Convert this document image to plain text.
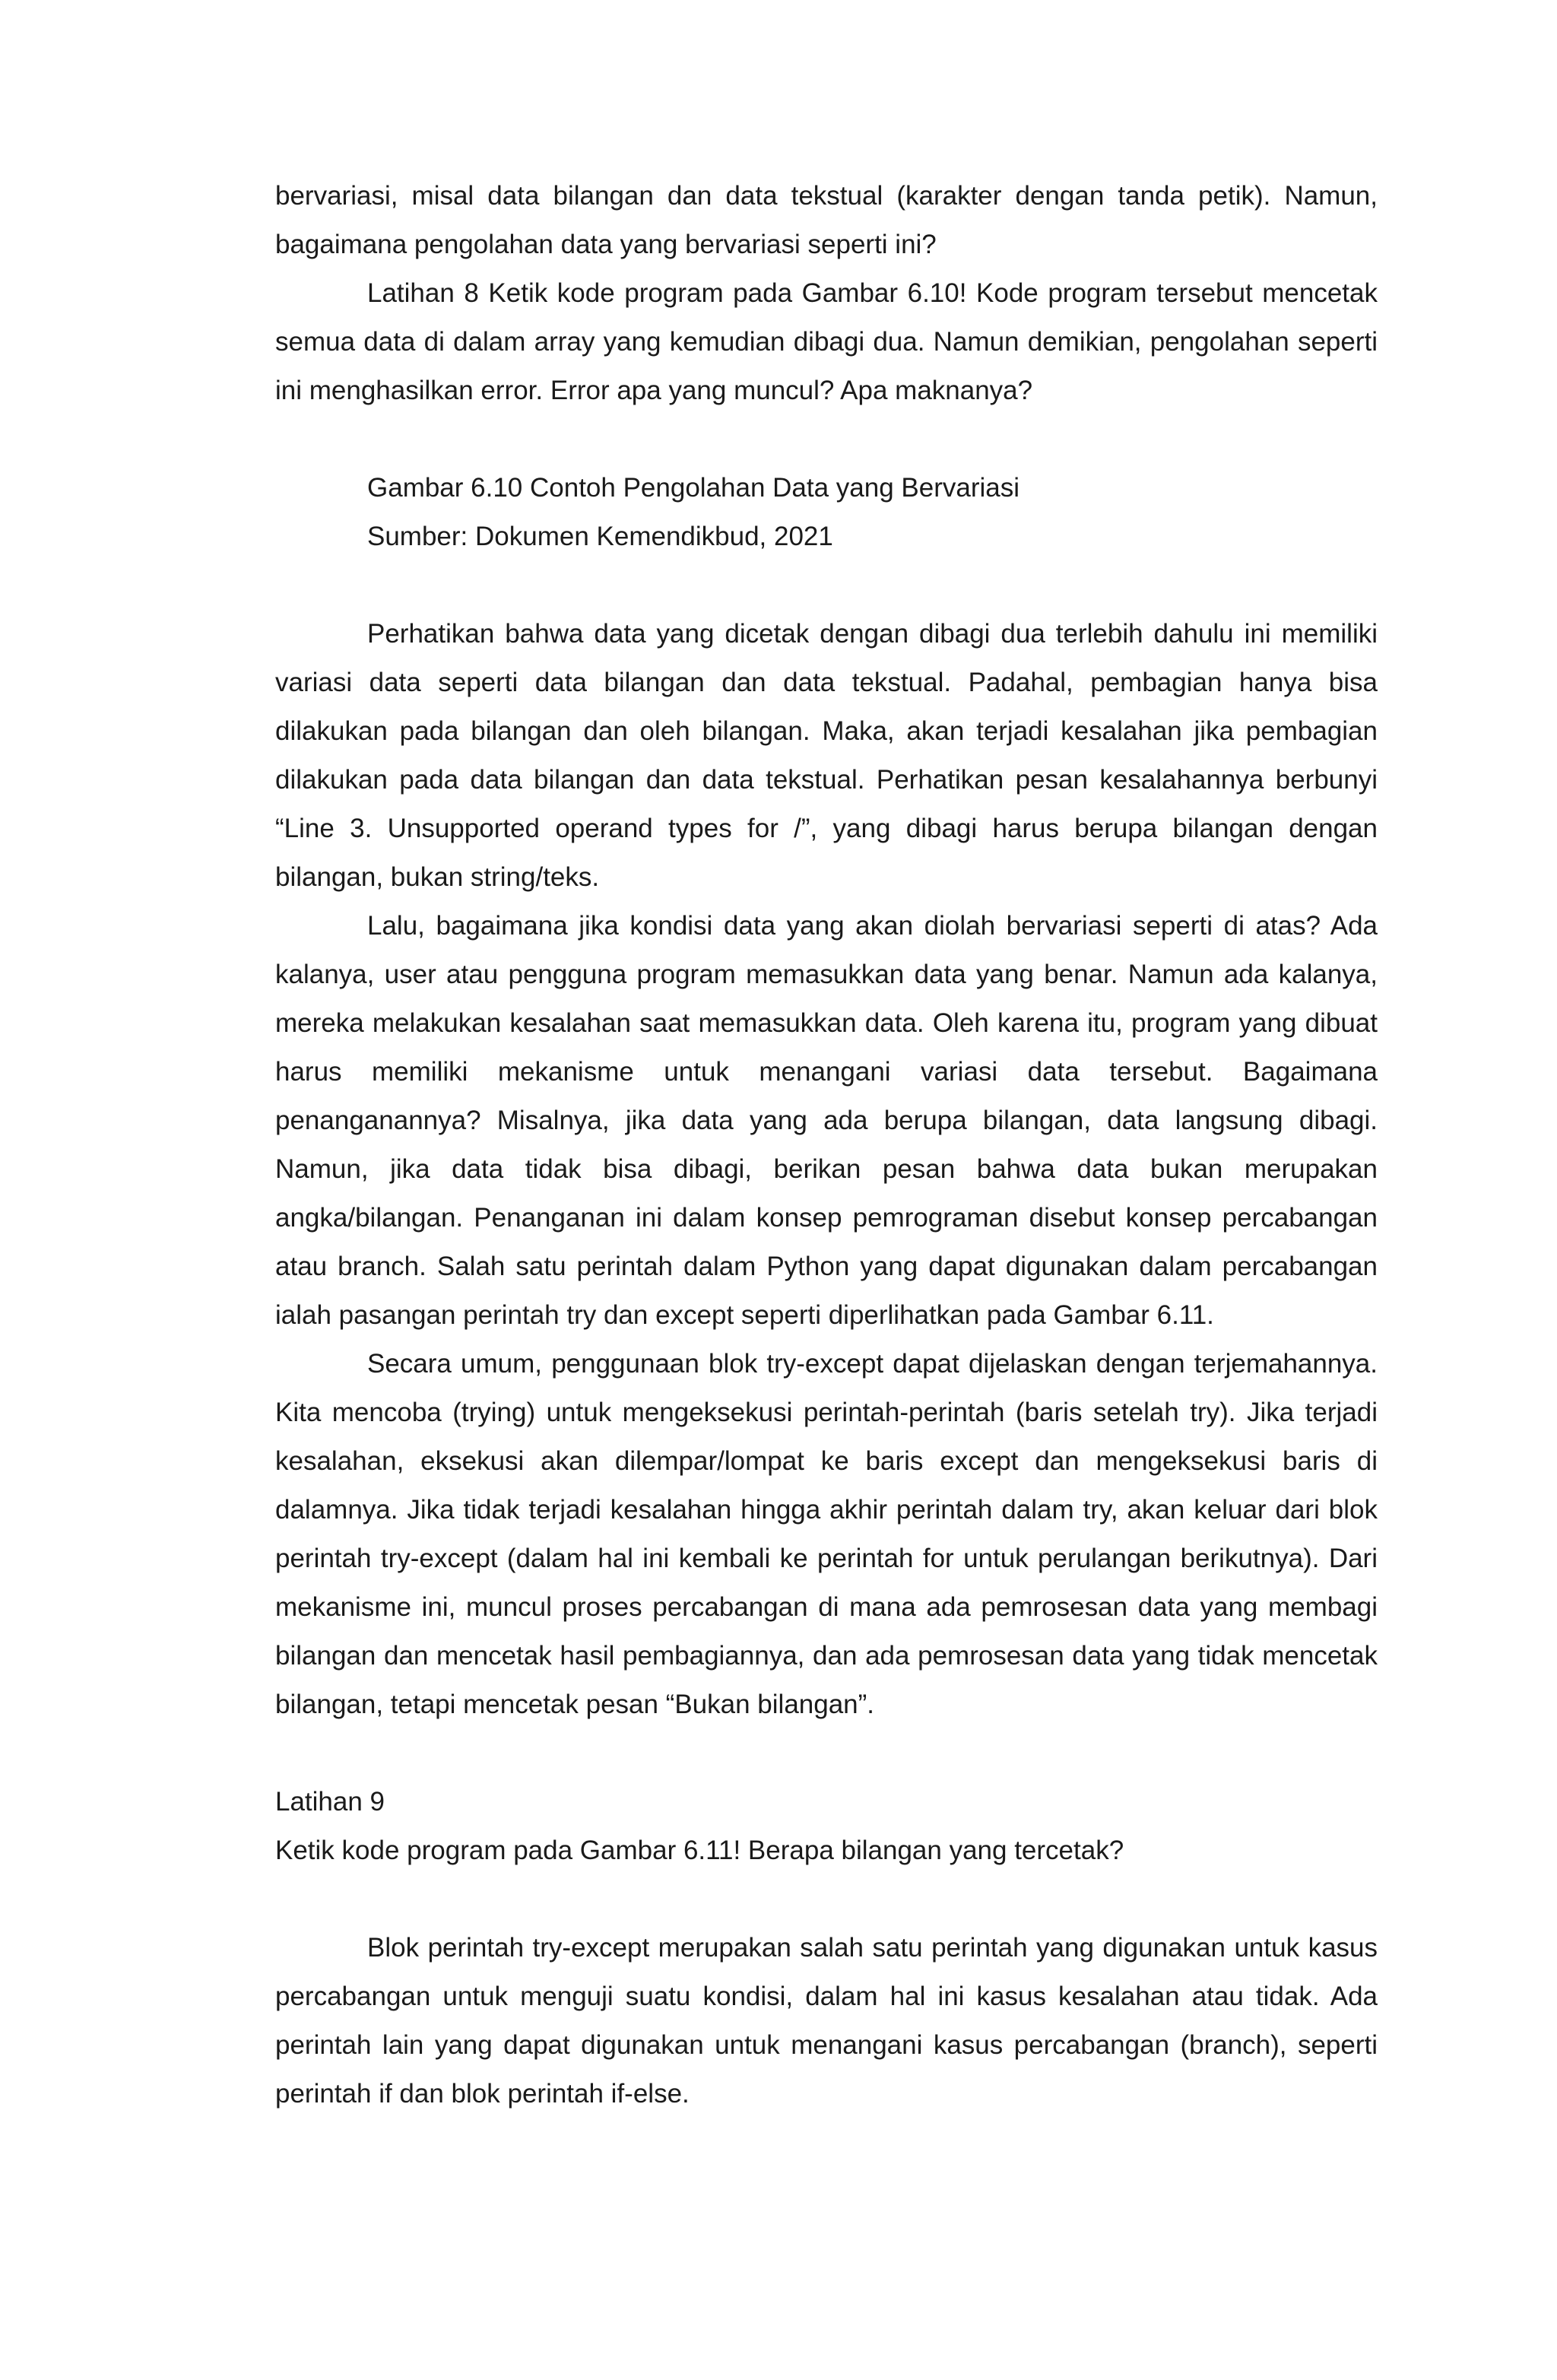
bervariasi, misal data bilangan dan data tekstual (karakter dengan tanda petik). Namun, bagaimana pengolahan data yang bervariasi seperti ini?

Latihan 8 Ketik kode program pada Gambar 6.10! Kode program tersebut mencetak semua data di dalam array yang kemudian dibagi dua. Namun demikian, pengolahan seperti ini menghasilkan error. Error apa yang muncul? Apa maknanya?

Gambar 6.10 Contoh Pengolahan Data yang Bervariasi

Sumber: Dokumen Kemendikbud, 2021

Perhatikan bahwa data yang dicetak dengan dibagi dua terlebih dahulu ini memiliki variasi data seperti data bilangan dan data tekstual. Padahal, pembagian hanya bisa dilakukan pada bilangan dan oleh bilangan. Maka, akan terjadi kesalahan jika pembagian dilakukan pada data bilangan dan data tekstual. Perhatikan pesan kesalahannya berbunyi “Line 3. Unsupported operand types for /”, yang dibagi harus berupa bilangan dengan bilangan, bukan string/teks.

Lalu, bagaimana jika kondisi data yang akan diolah bervariasi seperti di atas? Ada kalanya, user atau pengguna program memasukkan data yang benar. Namun ada kalanya, mereka melakukan kesalahan saat memasukkan data. Oleh karena itu, program yang dibuat harus memiliki mekanisme untuk menangani variasi data tersebut. Bagaimana penanganannya? Misalnya, jika data yang ada berupa bilangan, data langsung dibagi. Namun, jika data tidak bisa dibagi, berikan pesan bahwa data bukan merupakan angka/bilangan. Penanganan ini dalam konsep pemrograman disebut konsep percabangan atau branch. Salah satu perintah dalam Python yang dapat digunakan dalam percabangan ialah pasangan perintah try dan except seperti diperlihatkan pada Gambar 6.11.

Secara umum, penggunaan blok try-except dapat dijelaskan dengan terjemahannya. Kita mencoba (trying) untuk mengeksekusi perintah-perintah (baris setelah try). Jika terjadi kesalahan, eksekusi akan dilempar/lompat ke baris except dan mengeksekusi baris di dalamnya. Jika tidak terjadi kesalahan hingga akhir perintah dalam try, akan keluar dari blok perintah try-except (dalam hal ini kembali ke perintah for untuk perulangan berikutnya). Dari mekanisme ini, muncul proses percabangan di mana ada pemrosesan data yang membagi bilangan dan mencetak hasil pembagiannya, dan ada pemrosesan data yang tidak mencetak bilangan, tetapi mencetak pesan “Bukan bilangan”.

Latihan 9

Ketik kode program pada Gambar 6.11! Berapa bilangan yang tercetak?

Blok perintah try-except merupakan salah satu perintah yang digunakan untuk kasus percabangan untuk menguji suatu kondisi, dalam hal ini kasus kesalahan atau tidak. Ada perintah lain yang dapat digunakan untuk menangani kasus percabangan (branch), seperti perintah if dan blok perintah if-else.
